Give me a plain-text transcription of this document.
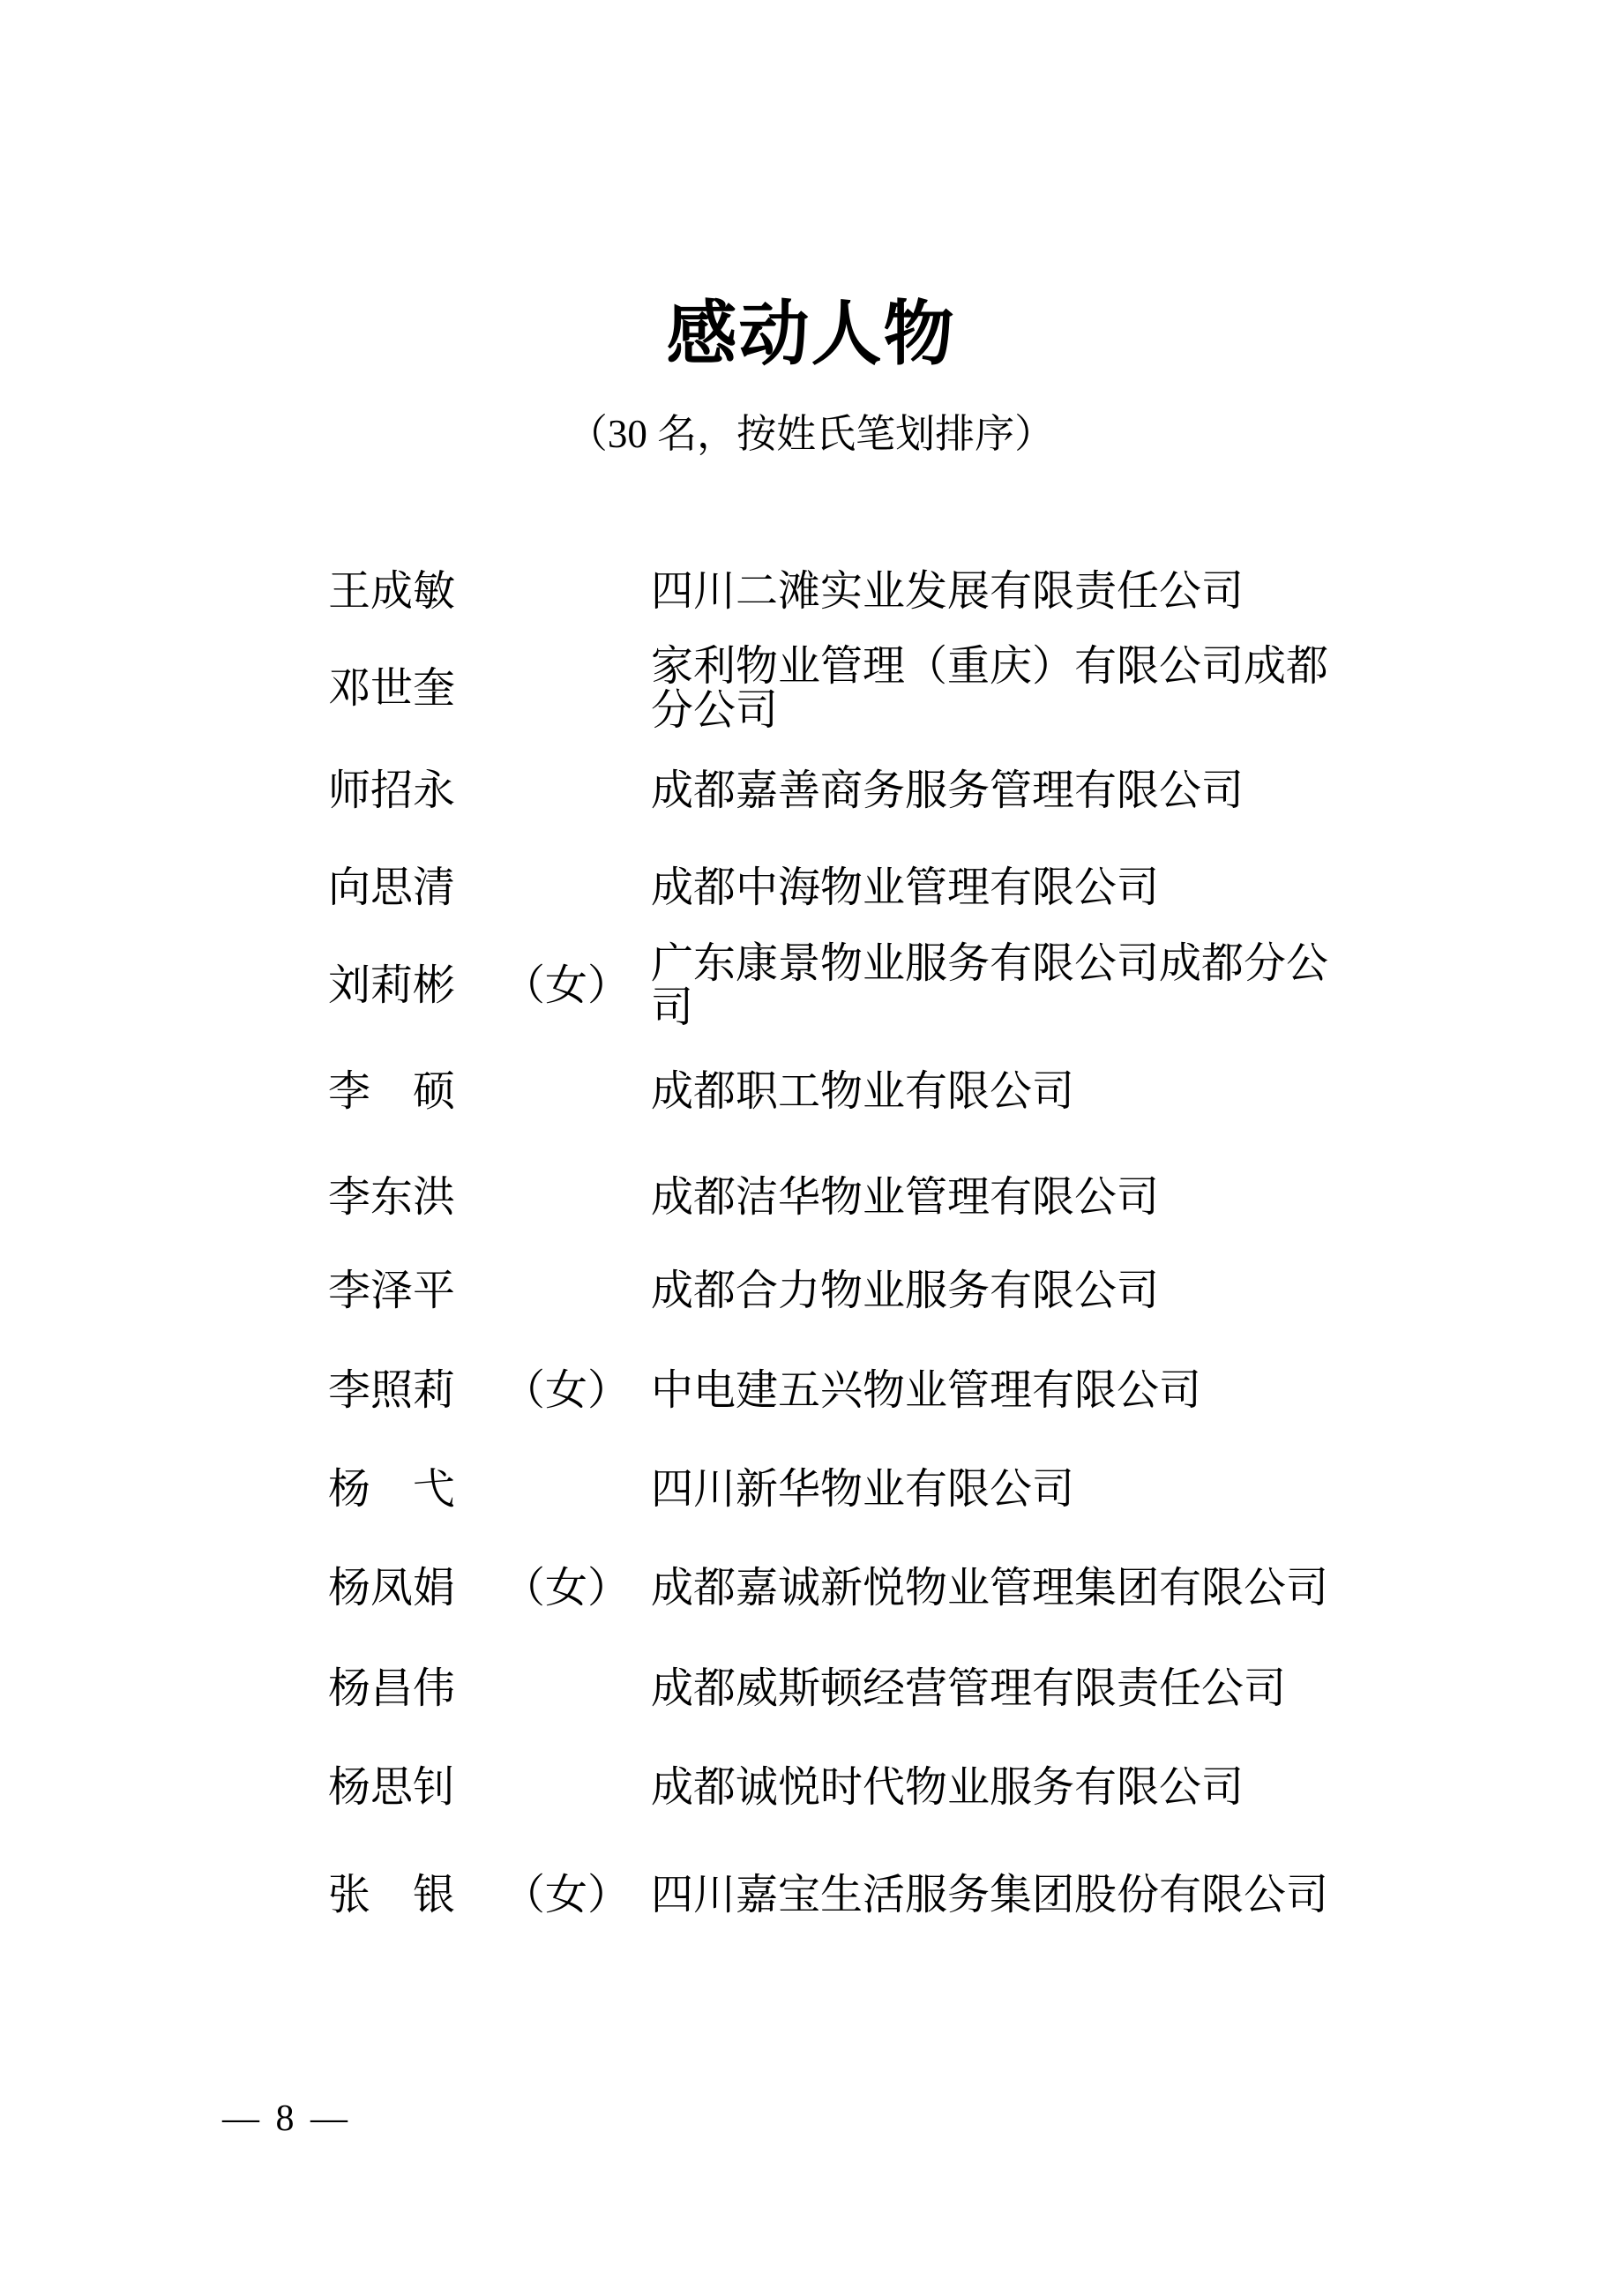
感动人物
（30 名，按姓氏笔划排序）
王成敏	四川二滩实业发展有限责任公司
邓世奎	家利物业管理（重庆）有限公司成都分公司
师招永	成都嘉善商务服务管理有限公司
向思清	成都中海物业管理有限公司
刘莉彬	（女） 广东康景物业服务有限公司成都分公司
李　硕	成都职工物业有限公司
李东洪	成都洁华物业管理有限公司
李泽平	成都合力物业服务有限公司
李照莉	（女） 中电建五兴物业管理有限公司
杨　弋	四川新华物业有限公司
杨凤娟	（女） 成都嘉诚新悦物业管理集团有限公司
杨昌伟	成都威斯顿经营管理有限责任公司
杨思钊	成都诚悦时代物业服务有限公司
张　银	（女） 四川嘉宝生活服务集团股份有限公司
— 8 —
